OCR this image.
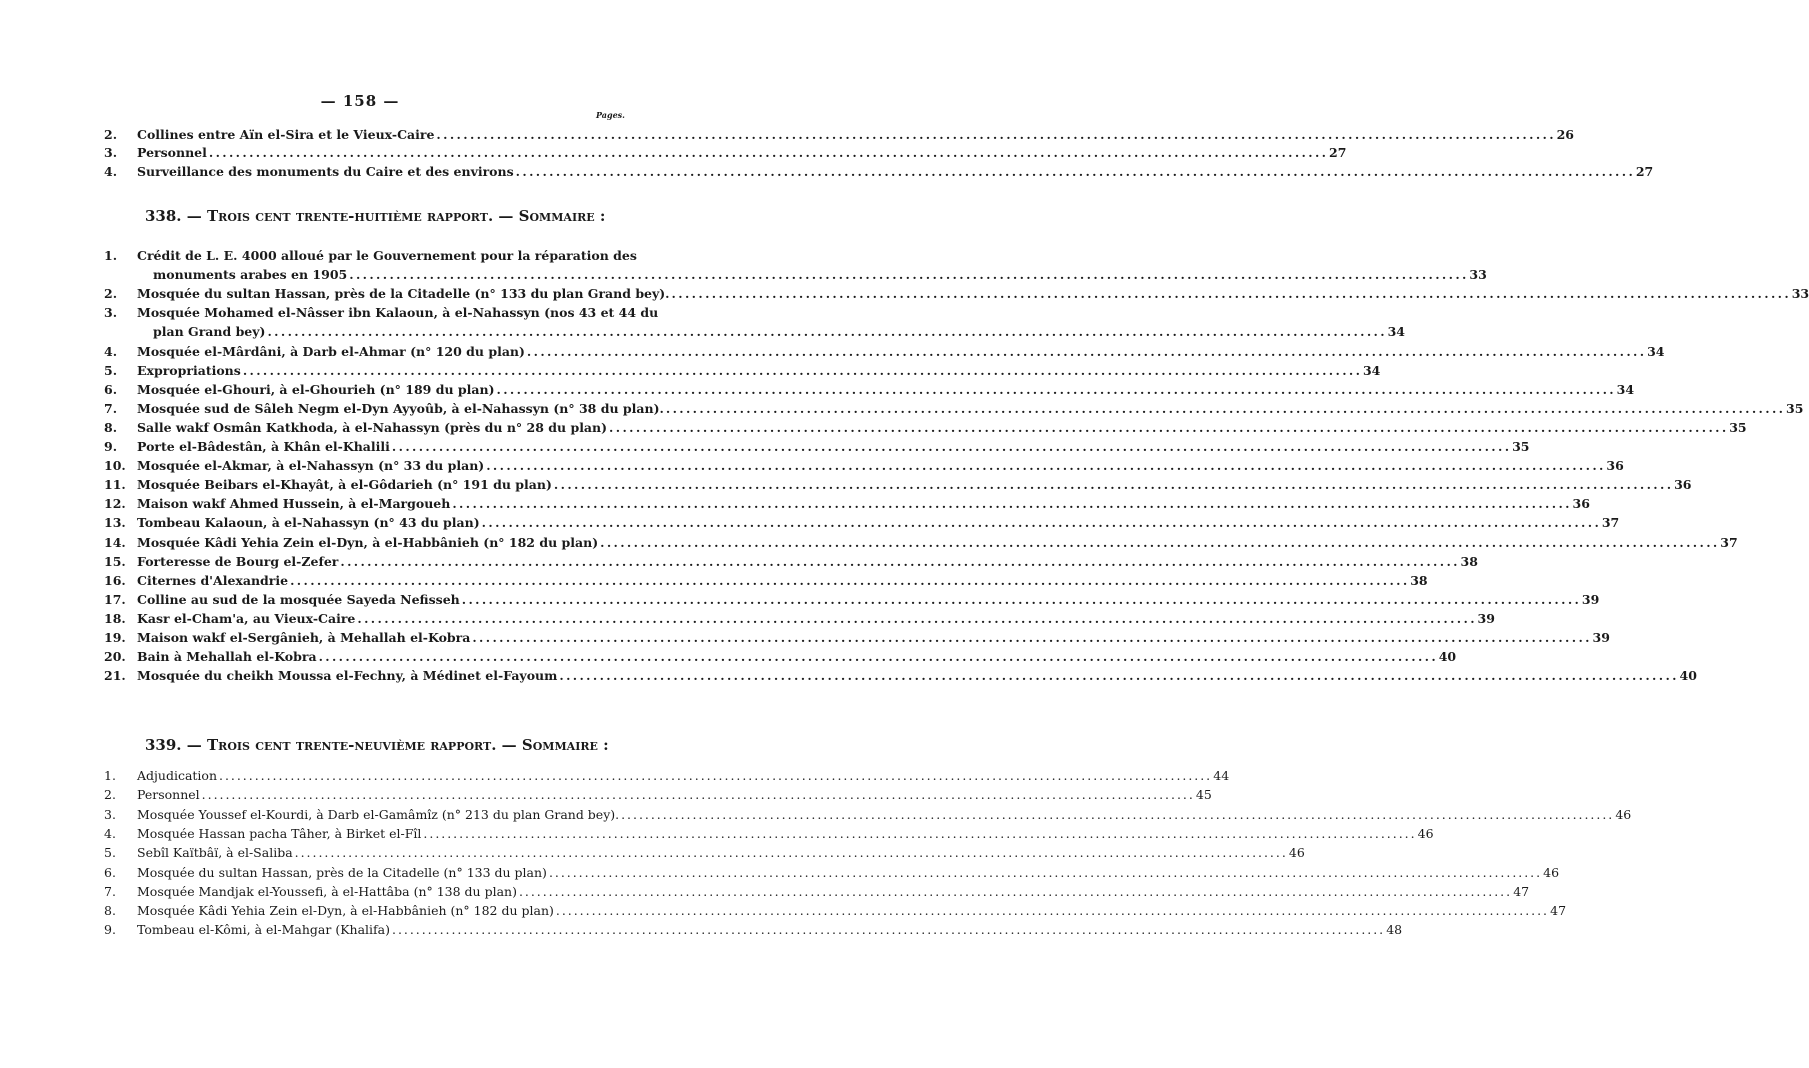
— 158 —
Pages.
2.	Collines entre Aïn el-Sira et le Vieux-Caire . . .	26
3.	Personnel . . .	27
4.	Surveillance des monuments du Caire et des environs . . .	27
338. — Trois cent trente-huitième rapport. — Sommaire :
1.	Crédit de L. E. 4000 alloué par le Gouvernement pour la réparation des
monuments arabes en 1905 . . .	33
2.	Mosquée du sultan Hassan, près de la Citadelle (n° 133 du plan Grand bey). . . .	33
3.	Mosquée Mohamed el-Nâsser ibn Kalaoun, à el-Nahassyn (nos 43 et 44 du
plan Grand bey) . . .	34
4.	Mosquée el-Mârdâni, à Darb el-Ahmar (n° 120 du plan) . . .	34
5.	Expropriations . . .	34
6.	Mosquée el-Ghouri, à el-Ghourieh (n° 189 du plan) . . .	34
7.	Mosquée sud de Sâleh Negm el-Dyn Ayyoûb, à el-Nahassyn (n° 38 du plan). . . .	35
8.	Salle wakf Osmân Katkhoda, à el-Nahassyn (près du n° 28 du plan) . . .	35
9.	Porte el-Bâdestân, à Khân el-Khalili . . .	35
10. Mosquée el-Akmar, à el-Nahassyn (n° 33 du plan) . . .	36
11. Mosquée Beibars el-Khayât, à el-Gôdarieh (n° 191 du plan) . . .	36
12. Maison wakf Ahmed Hussein, à el-Margoueh . . .	36
13. Tombeau Kalaoun, à el-Nahassyn (n° 43 du plan) . . .	37
14. Mosquée Kâdi Yehia Zein el-Dyn, à el-Habbânieh (n° 182 du plan) . . .	37
15. Forteresse de Bourg el-Zefer . . .	38
16. Citernes d'Alexandrie . . .	38
17. Colline au sud de la mosquée Sayeda Nefisseh . . .	39
18. Kasr el-Cham'a, au Vieux-Caire . . .	39
19. Maison wakf el-Sergânieh, à Mehallah el-Kobra . . .	39
20. Bain à Mehallah el-Kobra . . .	40
21. Mosquée du cheikh Moussa el-Fechny, à Médinet el-Fayoum . . .	40
339. — Trois cent trente-neuvième rapport. — Sommaire :
1.	Adjudication . . .	44
2.	Personnel . . .	45
3.	Mosquée Youssef el-Kourdi, à Darb el-Gamâmîz (n° 213 du plan Grand bey). . . .	46
4.	Mosquée Hassan pacha Tâher, à Birket el-Fîl . . .	46
5.	Sebîl Kaïtbâï, à el-Saliba . . .	46
6.	Mosquée du sultan Hassan, près de la Citadelle (n° 133 du plan) . . .	46
7.	Mosquée Mandjak el-Youssefi, à el-Hattâba (n° 138 du plan) . . .	47
8.	Mosquée Kâdi Yehia Zein el-Dyn, à el-Habbânieh (n° 182 du plan) . . .	47
9.	Tombeau el-Kômi, à el-Mahgar (Khalifa) . . .	48
